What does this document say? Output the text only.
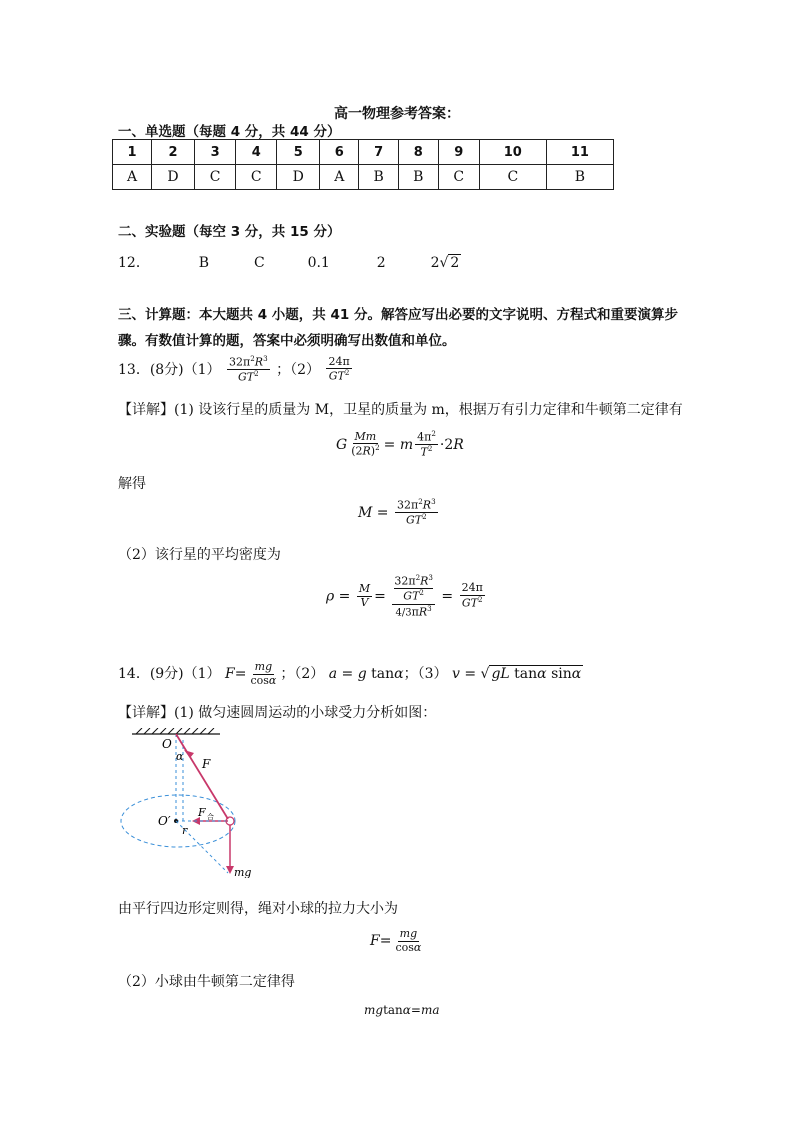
高一物理参考答案：
一、单选题（每题 4 分，共 44 分）
1	2	3	4	5	6	7	8	9	10	11
A	D	C	C	D	A	B	B	C	C	B
二、实验题（每空 3 分，共 15 分）
12．	B	C	0.1	2	2√ 2
三、计算题：本大题共 4 小题，共 41 分。解答应写出必要的文字说明、方程式和重要演算步骤。有数值计算的题，答案中必须明确写出数值和单位。
13．(8分)$(1) \frac{32\pi^2R^3}{GT^2}$ ；$(2) \frac{24\pi}{GT^2}$
【详解】(1) 设该行星的质量为 M，卫星的质量为 m，根据万有引力定律和牛顿第二定律有
G $\frac{Mm}{(2R)^2} = m \frac{4\pi^2}{T^2} \cdot 2R$
解得
$M = \frac{32\pi^2R^3}{GT^2}$
（2）该行星的平均密度为
$\rho = \frac{M}{V} = 32\pi^2R^3$
$GT^2$
$4/3\pi R^3 = \frac{24\pi}{GT^2}$
14．(9分)（1） $F= \frac{mg}{\cos\alpha}$ ；（2） a = g tanα；（3） v = √ gL tanα sinα
【详解】(1) 做匀速圆周运动的小球受力分析如图：
O
α
F
F 合
O′
r
mg
由平行四边形定则得，绳对小球的拉力大小为
$F= \frac{mg}{\cos\alpha}$
（2）小球由牛顿第二定律得
mgtanα=ma
